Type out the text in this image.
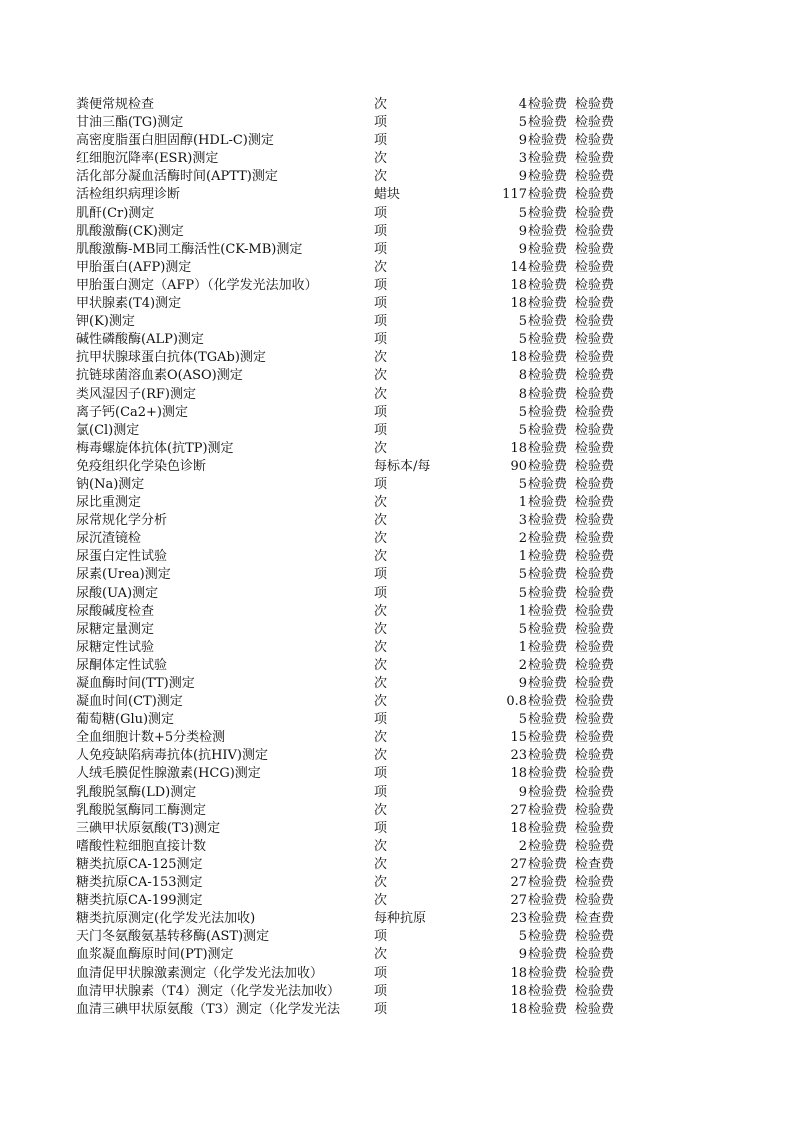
粪便常规检查	次	4 检验费 检验费
甘油三酯(TG)测定	项	5 检验费 检验费
高密度脂蛋白胆固醇(HDL-C)测定	项	9 检验费 检验费
红细胞沉降率(ESR)测定	次	3 检验费 检验费
活化部分凝血活酶时间(APTT)测定	次	9 检验费 检验费
活检组织病理诊断	蜡块	117 检验费 检验费
肌酐(Cr)测定	项	5 检验费 检验费
肌酸激酶(CK)测定	项	9 检验费 检验费
肌酸激酶-MB同工酶活性(CK-MB)测定	项	9 检验费 检验费
甲胎蛋白(AFP)测定	次	14 检验费 检验费
甲胎蛋白测定（AFP）（化学发光法加收）	项	18 检验费 检验费
甲状腺素(T4)测定	项	18 检验费 检验费
钾(K)测定	项	5 检验费 检验费
碱性磷酸酶(ALP)测定	项	5 检验费 检验费
抗甲状腺球蛋白抗体(TGAb)测定	次	18 检验费 检验费
抗链球菌溶血素O(ASO)测定	次	8 检验费 检验费
类风湿因子(RF)测定	次	8 检验费 检验费
离子钙(Ca2+)测定	项	5 检验费 检验费
氯(Cl)测定	项	5 检验费 检验费
梅毒螺旋体抗体(抗TP)测定	次	18 检验费 检验费
免疫组织化学染色诊断	每标本/每	90 检验费 检验费
钠(Na)测定	项	5 检验费 检验费
尿比重测定	次	1 检验费 检验费
尿常规化学分析	次	3 检验费 检验费
尿沉渣镜检	次	2 检验费 检验费
尿蛋白定性试验	次	1 检验费 检验费
尿素(Urea)测定	项	5 检验费 检验费
尿酸(UA)测定	项	5 检验费 检验费
尿酸碱度检查	次	1 检验费 检验费
尿糖定量测定	次	5 检验费 检验费
尿糖定性试验	次	1 检验费 检验费
尿酮体定性试验	次	2 检验费 检验费
凝血酶时间(TT)测定	次	9 检验费 检验费
凝血时间(CT)测定	次	0.8 检验费 检验费
葡萄糖(Glu)测定	项	5 检验费 检验费
全血细胞计数+5分类检测	次	15 检验费 检验费
人免疫缺陷病毒抗体(抗HIV)测定	次	23 检验费 检验费
人绒毛膜促性腺激素(HCG)测定	项	18 检验费 检验费
乳酸脱氢酶(LD)测定	项	9 检验费 检验费
乳酸脱氢酶同工酶测定	次	27 检验费 检验费
三碘甲状原氨酸(T3)测定	项	18 检验费 检验费
嗜酸性粒细胞直接计数	次	2 检验费 检验费
糖类抗原CA-125测定	次	27 检验费 检查费
糖类抗原CA-153测定	次	27 检验费 检验费
糖类抗原CA-199测定	次	27 检验费 检验费
糖类抗原测定(化学发光法加收)	每种抗原	23 检验费 检查费
天门冬氨酸氨基转移酶(AST)测定	项	5 检验费 检验费
血浆凝血酶原时间(PT)测定	次	9 检验费 检验费
血清促甲状腺激素测定（化学发光法加收）	项	18 检验费 检验费
血清甲状腺素（T4）测定（化学发光法加收）	项	18 检验费 检验费
血清三碘甲状原氨酸（T3）测定（化学发光法	项	18 检验费 检验费
